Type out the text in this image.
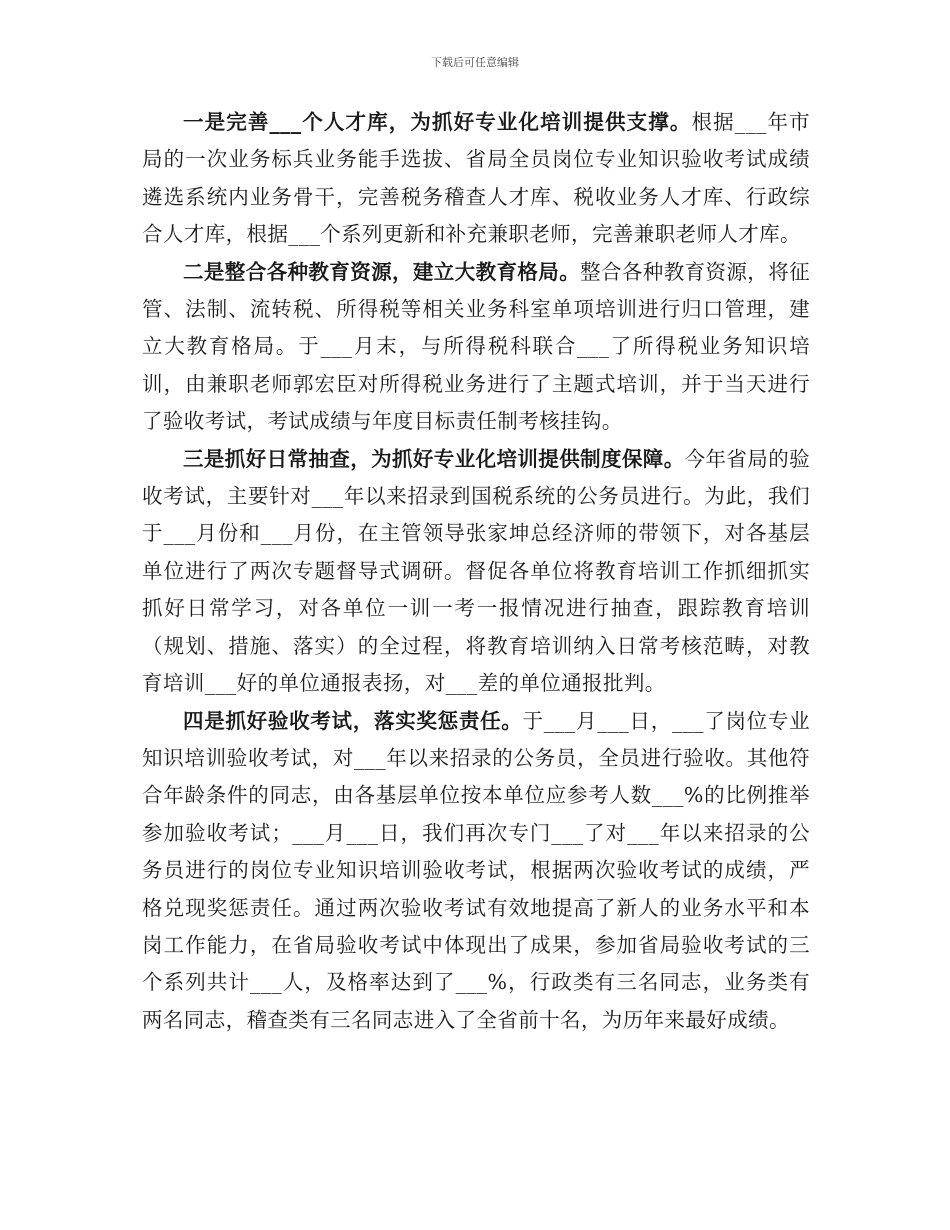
下载后可任意编辑

一是完善___个人才库，为抓好专业化培训提供支撑。根据___年市局的一次业务标兵业务能手选拔、省局全员岗位专业知识验收考试成绩遴选系统内业务骨干，完善税务稽查人才库、税收业务人才库、行政综合人才库，根据___个系列更新和补充兼职老师，完善兼职老师人才库。

二是整合各种教育资源，建立大教育格局。整合各种教育资源，将征管、法制、流转税、所得税等相关业务科室单项培训进行归口管理，建立大教育格局。于___月末，与所得税科联合___了所得税业务知识培训，由兼职老师郭宏臣对所得税业务进行了主题式培训，并于当天进行了验收考试，考试成绩与年度目标责任制考核挂钩。

三是抓好日常抽查，为抓好专业化培训提供制度保障。今年省局的验收考试，主要针对___年以来招录到国税系统的公务员进行。为此，我们于___月份和___月份，在主管领导张家坤总经济师的带领下，对各基层单位进行了两次专题督导式调研。督促各单位将教育培训工作抓细抓实抓好日常学习，对各单位一训一考一报情况进行抽查，跟踪教育培训（规划、措施、落实）的全过程，将教育培训纳入日常考核范畴，对教育培训___好的单位通报表扬，对___差的单位通报批判。

四是抓好验收考试，落实奖惩责任。于___月___日，___了岗位专业知识培训验收考试，对___年以来招录的公务员，全员进行验收。其他符合年龄条件的同志，由各基层单位按本单位应参考人数___%的比例推举参加验收考试；___月___日，我们再次专门___了对___年以来招录的公务员进行的岗位专业知识培训验收考试，根据两次验收考试的成绩，严格兑现奖惩责任。通过两次验收考试有效地提高了新人的业务水平和本岗工作能力，在省局验收考试中体现出了成果，参加省局验收考试的三个系列共计___人，及格率达到了___%，行政类有三名同志，业务类有两名同志，稽查类有三名同志进入了全省前十名，为历年来最好成绩。
